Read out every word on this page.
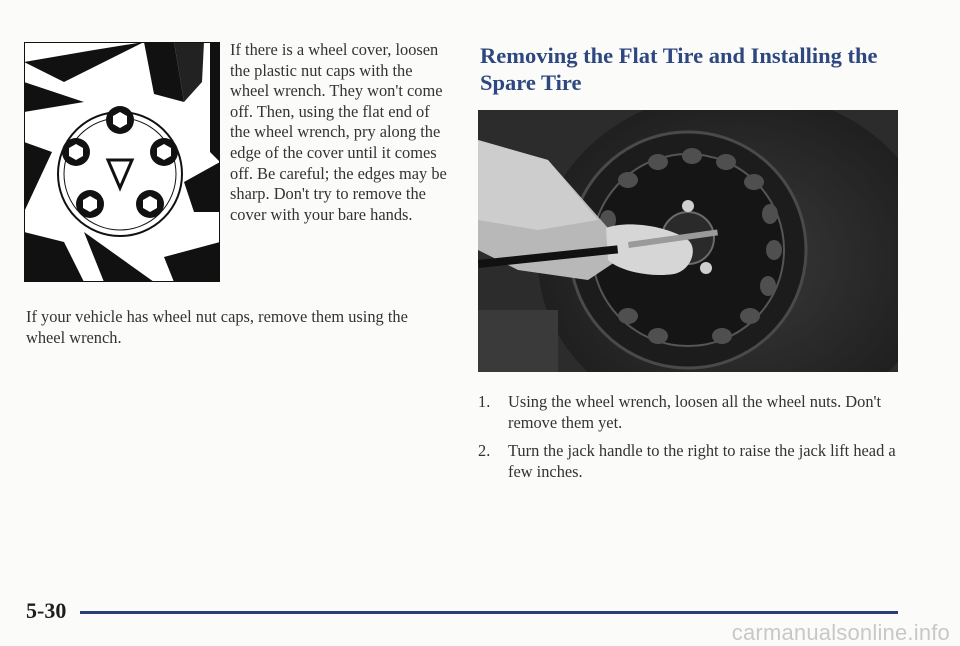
If there is a wheel cover, loosen the plastic nut caps with the wheel wrench. They won't come off. Then, using the flat end of the wheel wrench, pry along the edge of the cover until it comes off. Be careful; the edges may be sharp. Don't try to remove the cover with your bare hands.
If your vehicle has wheel nut caps, remove them using the wheel wrench.
Removing the Flat Tire and Installing the Spare Tire
1.	Using the wheel wrench, loosen all the wheel nuts. Don't remove them yet.
2.	Turn the jack handle to the right to raise the jack lift head a few inches.
5-30
carmanualsonline.info
